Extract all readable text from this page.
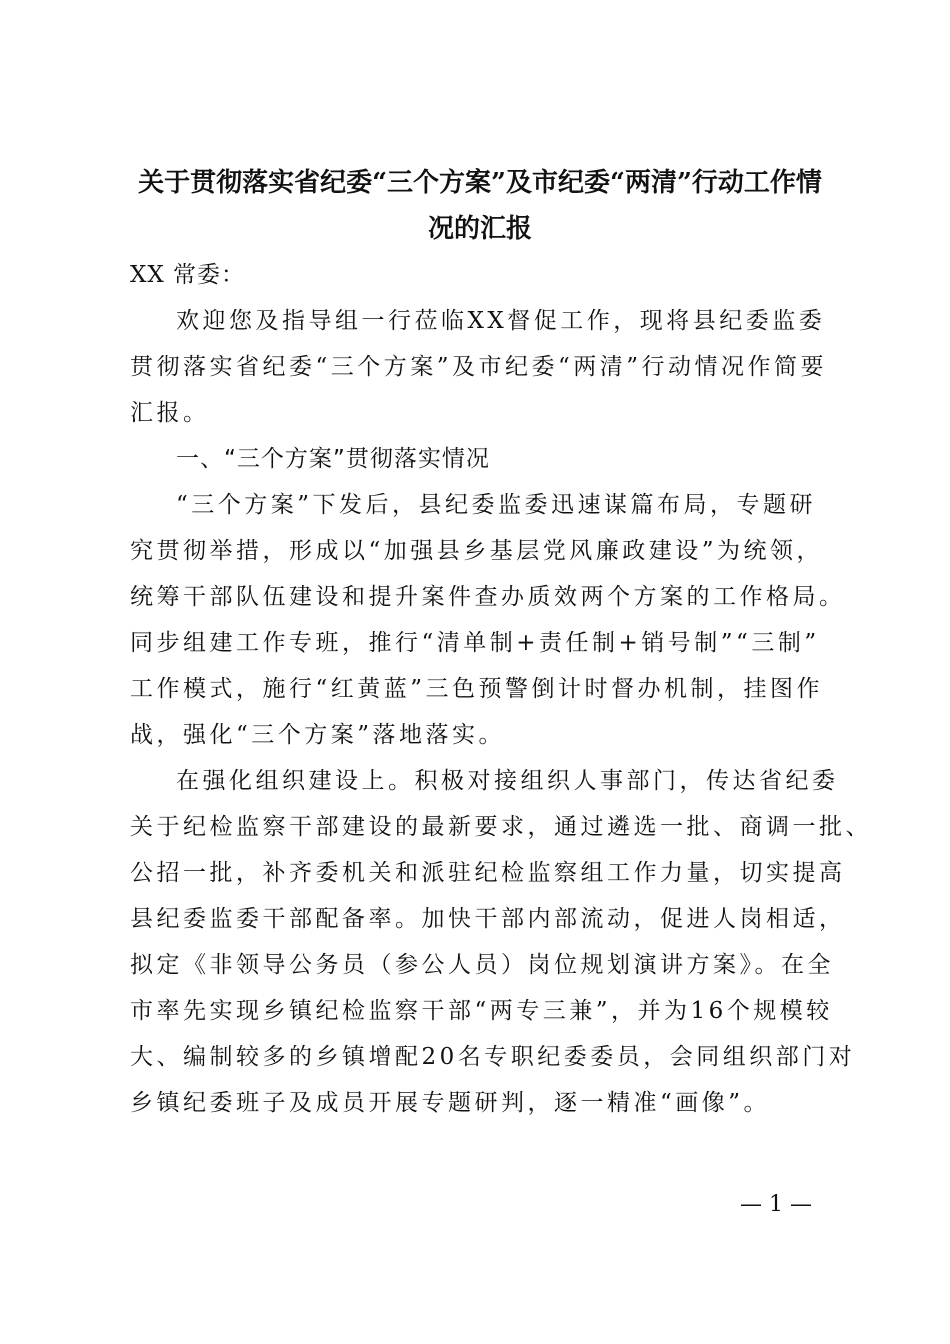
关于贯彻落实省纪委“三个方案”及市纪委“两清”行动工作情
况的汇报

XX 常委：

欢迎您及指导组一行莅临XX督促工作，现将县纪委监委
贯彻落实省纪委“三个方案”及市纪委“两清”行动情况作简要
汇报。

一、“三个方案”贯彻落实情况

“三个方案”下发后，县纪委监委迅速谋篇布局，专题研
究贯彻举措，形成以“加强县乡基层党风廉政建设”为统领，
统筹干部队伍建设和提升案件查办质效两个方案的工作格局。
同步组建工作专班，推行“清单制+责任制+销号制”“三制”
工作模式，施行“红黄蓝”三色预警倒计时督办机制，挂图作
战，强化“三个方案”落地落实。

在强化组织建设上。积极对接组织人事部门，传达省纪委
关于纪检监察干部建设的最新要求，通过遴选一批、商调一批、
公招一批，补齐委机关和派驻纪检监察组工作力量，切实提高
县纪委监委干部配备率。加快干部内部流动，促进人岗相适，
拟定《非领导公务员（参公人员）岗位规划演讲方案》。在全
市率先实现乡镇纪检监察干部“两专三兼”，并为16个规模较
大、编制较多的乡镇增配20名专职纪委委员，会同组织部门对
乡镇纪委班子及成员开展专题研判，逐一精准“画像”。

— 1 —
